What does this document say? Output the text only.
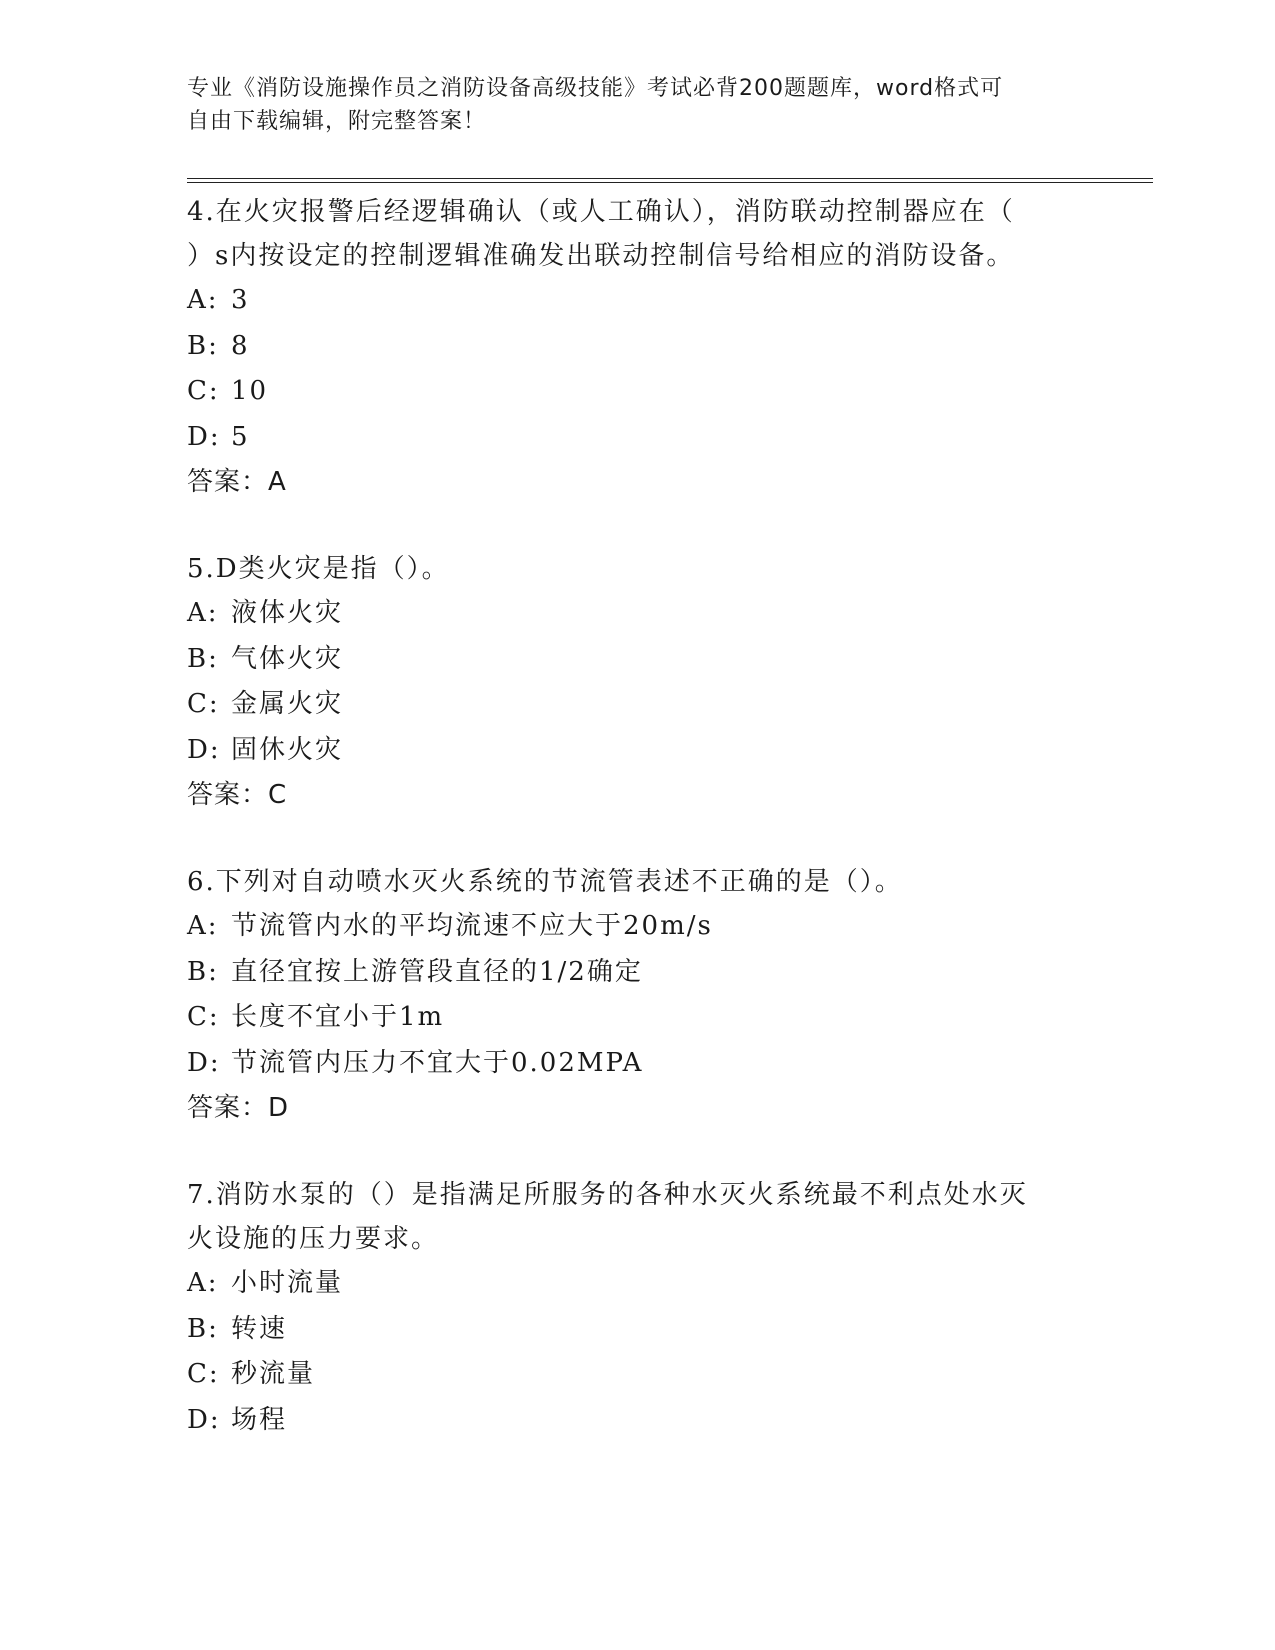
专业《消防设施操作员之消防设备高级技能》考试必背200题题库，word格式可
自由下载编辑，附完整答案！

4.在火灾报警后经逻辑确认（或人工确认），消防联动控制器应在（

）s内按设定的控制逻辑准确发出联动控制信号给相应的消防设备。

A: 3

B: 8

C: 10

D: 5

答案：A

5.D类火灾是指（）。

A: 液体火灾

B: 气体火灾

C: 金属火灾

D: 固休火灾

答案：C

6.下列对自动喷水灭火系统的节流管表述不正确的是（）。

A: 节流管内水的平均流速不应大于20m/s

B: 直径宜按上游管段直径的1/2确定

C: 长度不宜小于1m

D: 节流管内压力不宜大于0.02MPA

答案：D

7.消防水泵的（）是指满足所服务的各种水灭火系统最不利点处水灭

火设施的压力要求。

A: 小时流量

B: 转速

C: 秒流量

D: 场程
